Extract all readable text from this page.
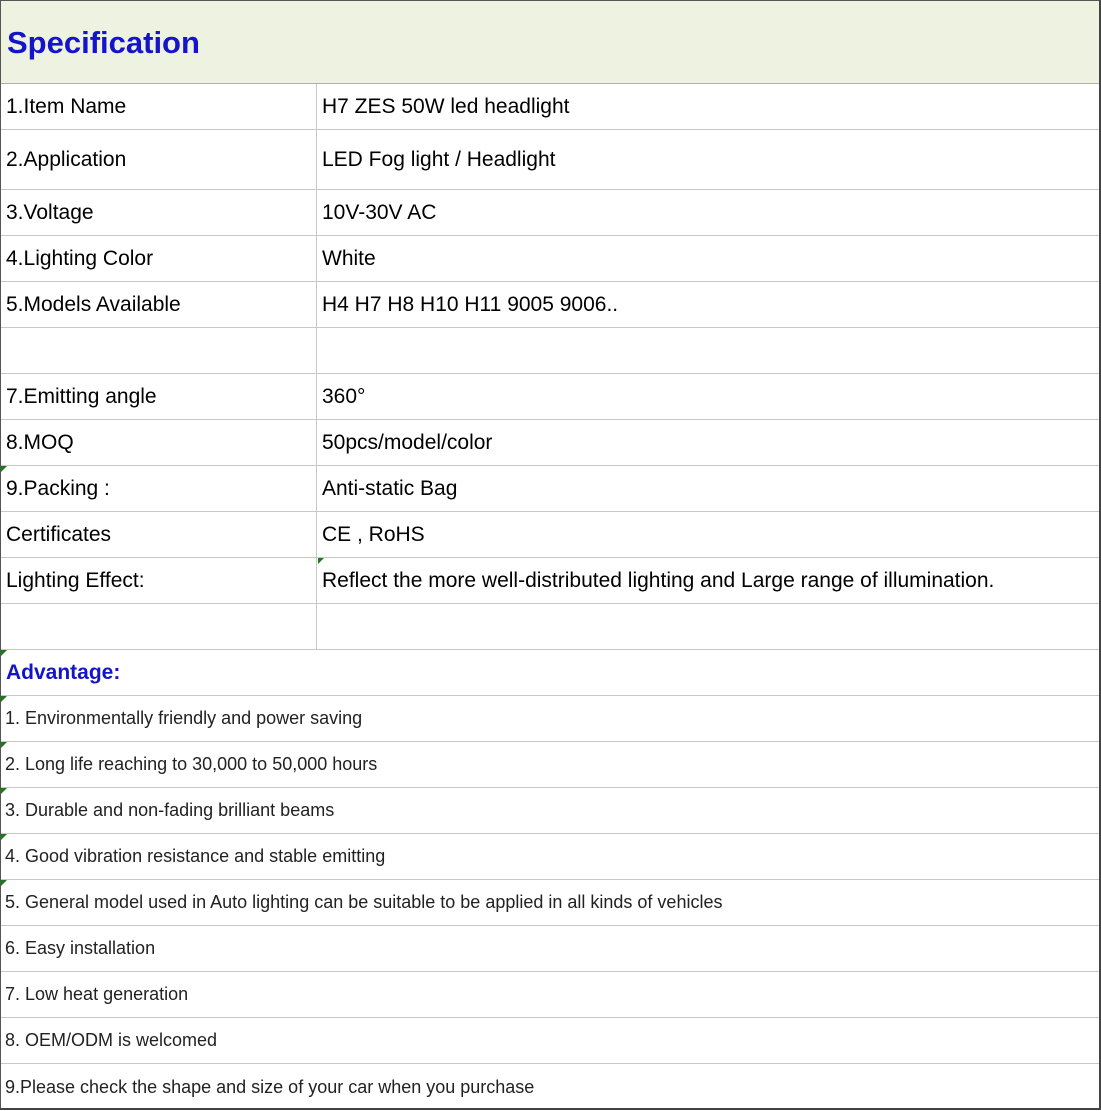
Specification
1.Item Name	H7 ZES 50W led headlight
2.Application	LED Fog light / Headlight
3.Voltage	10V-30V AC
4.Lighting Color	White
5.Models Available	H4 H7 H8 H10 H11 9005 9006..
7.Emitting angle	360°
8.MOQ	50pcs/model/color
9.Packing :	Anti-static Bag
Certificates	CE , RoHS
Lighting Effect:	Reflect the more well-distributed lighting and Large range of illumination.
Advantage:
1. Environmentally friendly and power saving
2. Long life reaching to 30,000 to 50,000 hours
3. Durable and non-fading brilliant beams
4. Good vibration resistance and stable emitting
5. General model used in Auto lighting can be suitable to be applied in all kinds of vehicles
6. Easy installation
7. Low heat generation
8. OEM/ODM is welcomed
9.Please check the shape and size of your car when you purchase
